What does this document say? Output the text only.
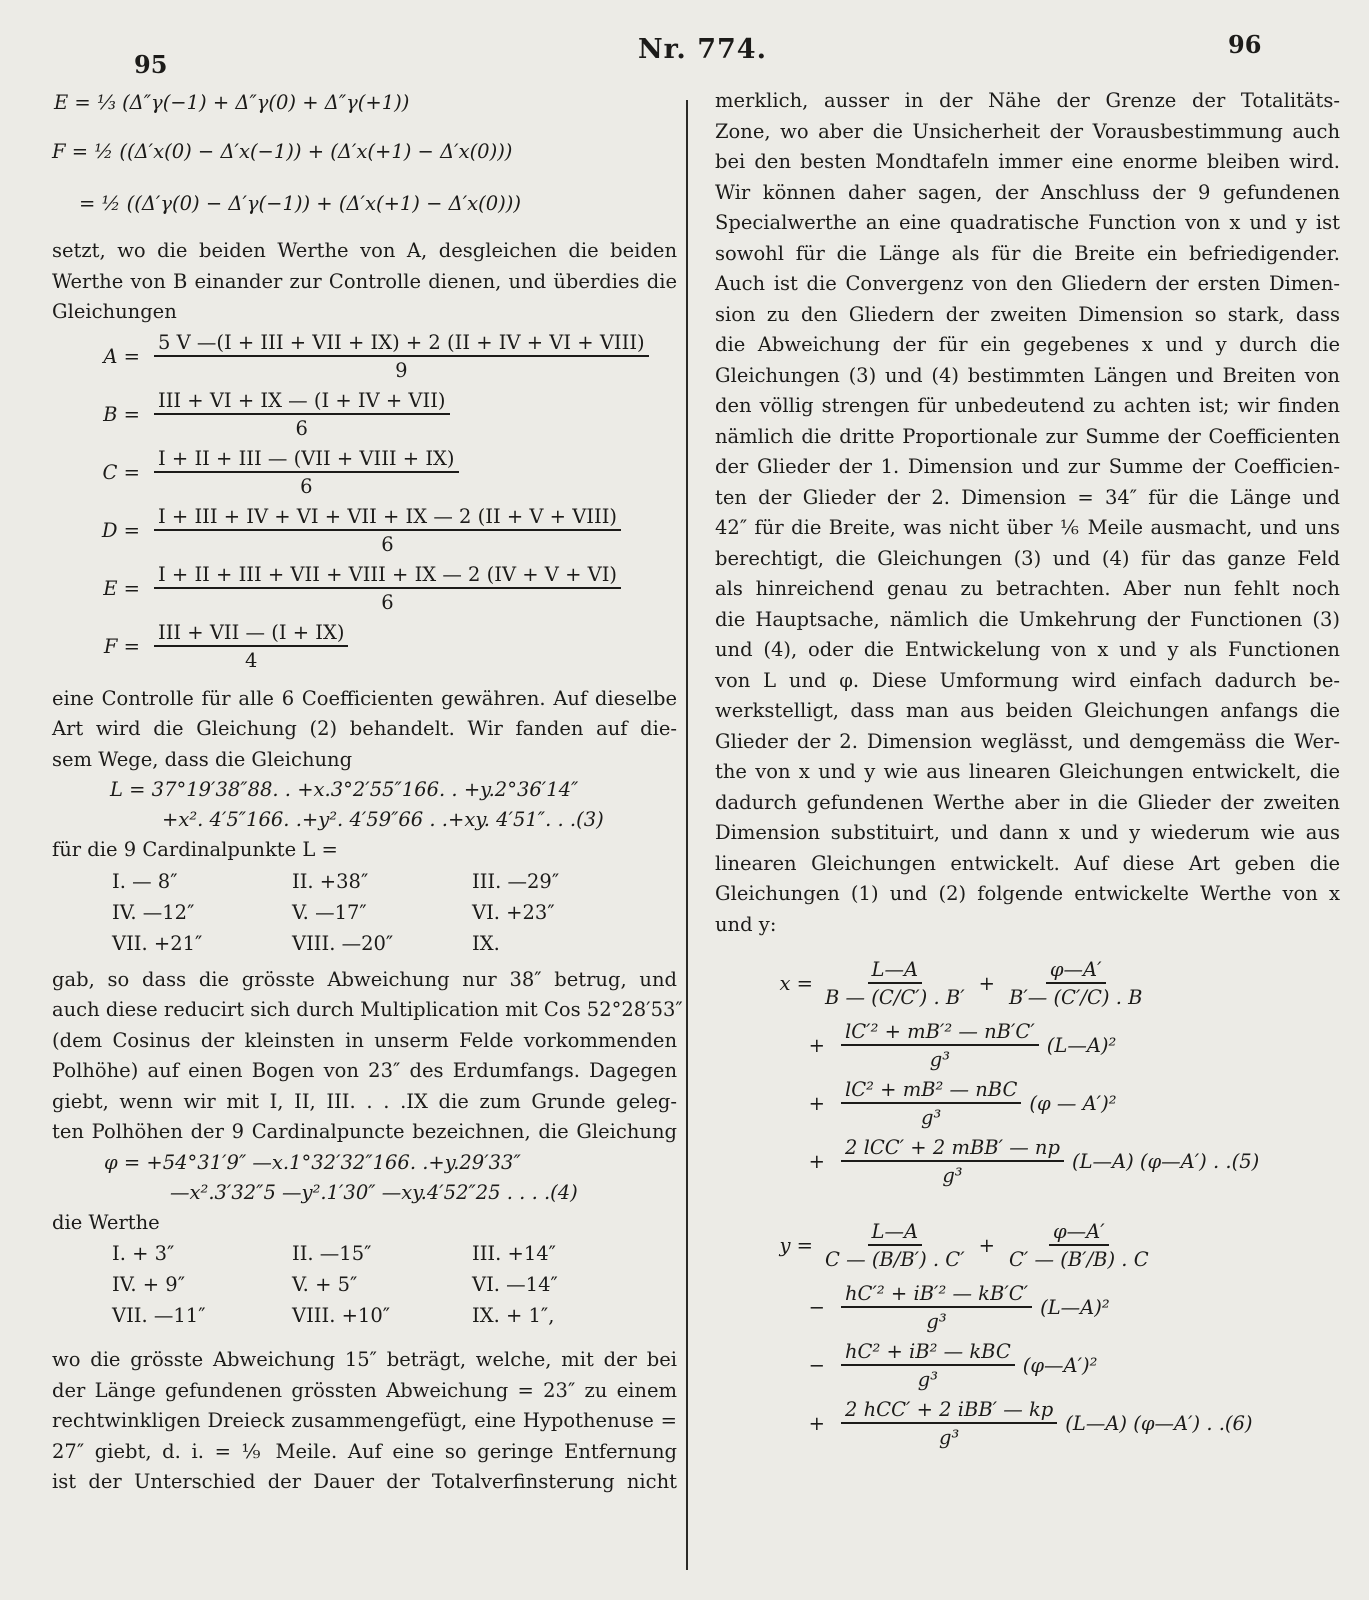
95	Nr. 774.	96
E = ⅓ (Δ″γ(−1) + Δ″γ(0) + Δ″γ(+1))
F = ½ ((Δ′x(0) − Δ′x(−1)) + (Δ′x(+1) − Δ′x(0)))
= ½ ((Δ′γ(0) − Δ′γ(−1)) + (Δ′x(+1) − Δ′x(0)))
setzt, wo die beiden Werthe von A, desgleichen die beiden
Werthe von B einander zur Controlle dienen, und überdies die
Gleichungen
$A = \frac{\text{5 V —(I + III + VII + IX) + 2 (II + IV + VI + VIII)}}{9}$
$B = \frac{\text{III + VI + IX — (I + IV + VII)}}{6}$
$C = \frac{\text{I + II + III — (VII + VIII + IX)}}{6}$
$D = \frac{\text{I + III + IV + VI + VII + IX — 2 (II + V + VIII)}}{6}$
$E = \frac{\text{I + II + III + VII + VIII + IX — 2 (IV + V + VI)}}{6}$
$F = \frac{\text{III + VII — (I + IX)}}{4}$
eine Controlle für alle 6 Coefficienten gewähren. Auf dieselbe
Art wird die Gleichung (2) behandelt. Wir fanden auf die-
sem Wege, dass die Gleichung
L = 37°19′38″88. . +x.3°2′55″166. . +y.2°36′14″
+x². 4′5″166. .+y². 4′59″66 . .+xy. 4′51″. . .(3)
für die 9 Cardinalpunkte L =
I. — 8″	II. +38″	III. —29″
IV. —12″	V. —17″	VI. +23″
VII. +21″	VIII. —20″	IX.
gab, so dass die grösste Abweichung nur 38″ betrug, und
auch diese reducirt sich durch Multiplication mit Cos 52°28′53″
(dem Cosinus der kleinsten in unserm Felde vorkommenden
Polhöhe) auf einen Bogen von 23″ des Erdumfangs. Dagegen
giebt, wenn wir mit I, II, III. . . .IX die zum Grunde geleg-
ten Polhöhen der 9 Cardinalpuncte bezeichnen, die Gleichung
φ = +54°31′9″ —x.1°32′32″166. .+y.29′33″
—x².3′32″5 —y².1′30″ —xy.4′52″25 . . . .(4)
die Werthe
I. + 3″	II. —15″	III. +14″
IV. + 9″	V. + 5″	VI. —14″
VII. —11″	VIII. +10″	IX. + 1″,
wo die grösste Abweichung 15″ beträgt, welche, mit der bei
der Länge gefundenen grössten Abweichung = 23″ zu einem
rechtwinkligen Dreieck zusammengefügt, eine Hypothenuse =
27″ giebt, d. i. = ⅑ Meile. Auf eine so geringe Entfernung
ist der Unterschied der Dauer der Totalverfinsterung nicht
merklich, ausser in der Nähe der Grenze der Totalitäts-
Zone, wo aber die Unsicherheit der Vorausbestimmung auch
bei den besten Mondtafeln immer eine enorme bleiben wird.
Wir können daher sagen, der Anschluss der 9 gefundenen
Specialwerthe an eine quadratische Function von x und y ist
sowohl für die Länge als für die Breite ein befriedigender.
Auch ist die Convergenz von den Gliedern der ersten Dimen-
sion zu den Gliedern der zweiten Dimension so stark, dass
die Abweichung der für ein gegebenes x und y durch die
Gleichungen (3) und (4) bestimmten Längen und Breiten von
den völlig strengen für unbedeutend zu achten ist; wir finden
nämlich die dritte Proportionale zur Summe der Coefficienten
der Glieder der 1. Dimension und zur Summe der Coefficien-
ten der Glieder der 2. Dimension = 34″ für die Länge und
42″ für die Breite, was nicht über ⅙ Meile ausmacht, und uns
berechtigt, die Gleichungen (3) und (4) für das ganze Feld
als hinreichend genau zu betrachten. Aber nun fehlt noch
die Hauptsache, nämlich die Umkehrung der Functionen (3)
und (4), oder die Entwickelung von x und y als Functionen
von L und φ. Diese Umformung wird einfach dadurch be-
werkstelligt, dass man aus beiden Gleichungen anfangs die
Glieder der 2. Dimension weglässt, und demgemäss die Wer-
the von x und y wie aus linearen Gleichungen entwickelt, die
dadurch gefundenen Werthe aber in die Glieder der zweiten
Dimension substituirt, und dann x und y wiederum wie aus
linearen Gleichungen entwickelt. Auf diese Art geben die
Gleichungen (1) und (2) folgende entwickelte Werthe von x
und y:
$x = \frac{L—A}{B — (C/C') . B'} + \frac{\varphi—A'}{B'— (C'/C) . B}$
+ $\frac{\text{lC′² + mB′² — nB′C′}}{\text{g³}}$ (L—A)²
+ $\frac{\text{lC² + mB² — nBC}}{\text{g³}} (\varphi$ — A′)²
+ $\frac{\text{2 lCC′ + 2 mBB′ — np}}{\text{g³}}$ (L—A) (φ—A′) . .(5)
$y = \frac{L—A}{C — (B/B') . C'} + \frac{\varphi—A'}{C' — (B'/B) . C}$
− $\frac{\text{hC′² + iB′² — kB′C′}}{\text{g³}}$ (L—A)²
− $\frac{\text{hC² + iB² — kBC}}{\text{g³}}$ (φ—A′)²
+ $\frac{\text{2 hCC′ + 2 iBB′ — kp}}{\text{g³}}$ (L—A) (φ—A′) . .(6)
